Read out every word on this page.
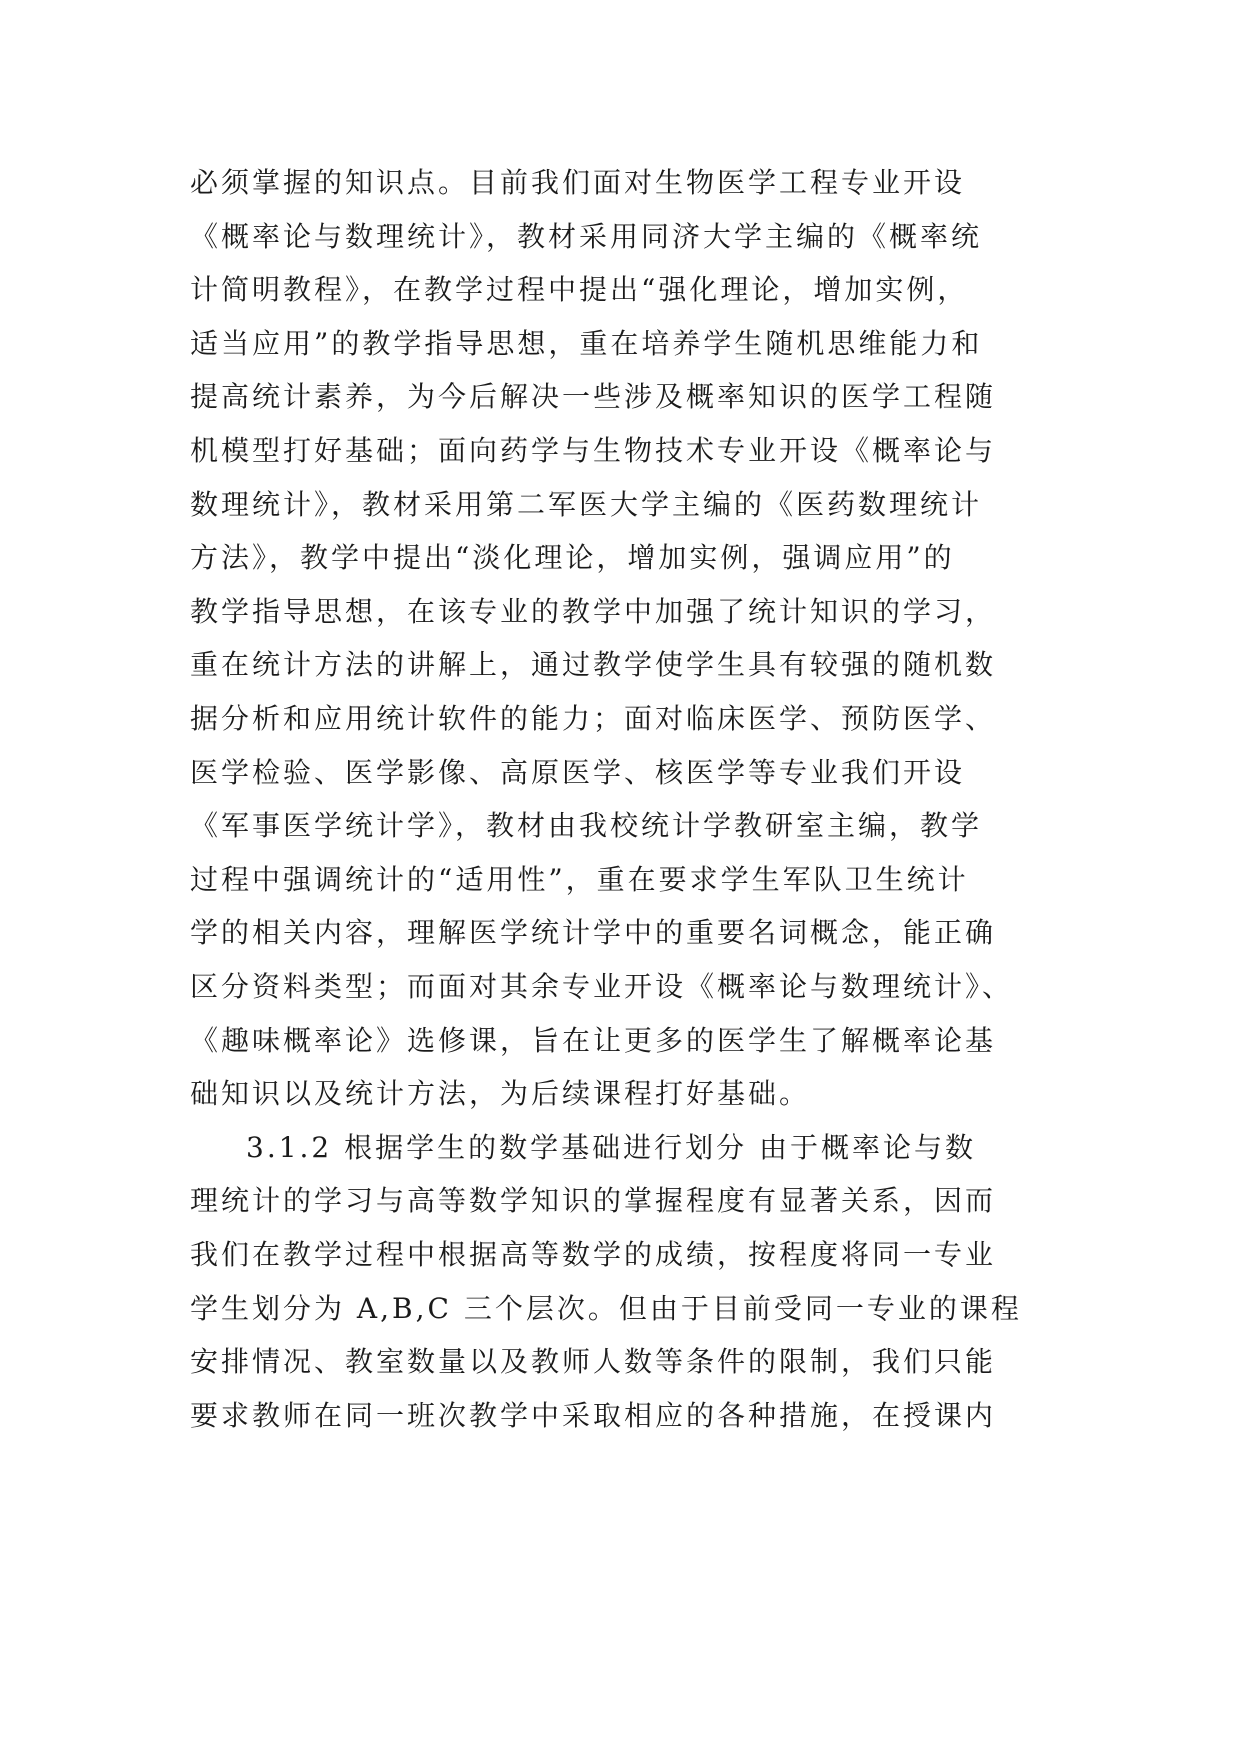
必须掌握的知识点。目前我们面对生物医学工程专业开设
《概率论与数理统计》，教材采用同济大学主编的《概率统
计简明教程》，在教学过程中提出“强化理论，增加实例，
适当应用”的教学指导思想，重在培养学生随机思维能力和
提高统计素养，为今后解决一些涉及概率知识的医学工程随
机模型打好基础；面向药学与生物技术专业开设《概率论与
数理统计》，教材采用第二军医大学主编的《医药数理统计
方法》，教学中提出“淡化理论，增加实例，强调应用”的
教学指导思想，在该专业的教学中加强了统计知识的学习，
重在统计方法的讲解上，通过教学使学生具有较强的随机数
据分析和应用统计软件的能力；面对临床医学、预防医学、
医学检验、医学影像、高原医学、核医学等专业我们开设
《军事医学统计学》，教材由我校统计学教研室主编，教学
过程中强调统计的“适用性”，重在要求学生军队卫生统计
学的相关内容，理解医学统计学中的重要名词概念，能正确
区分资料类型；而面对其余专业开设《概率论与数理统计》、
《趣味概率论》选修课，旨在让更多的医学生了解概率论基
础知识以及统计方法，为后续课程打好基础。
3.1.2 根据学生的数学基础进行划分 由于概率论与数
理统计的学习与高等数学知识的掌握程度有显著关系，因而
我们在教学过程中根据高等数学的成绩，按程度将同一专业
学生划分为 A,B,C 三个层次。但由于目前受同一专业的课程
安排情况、教室数量以及教师人数等条件的限制，我们只能
要求教师在同一班次教学中采取相应的各种措施，在授课内
